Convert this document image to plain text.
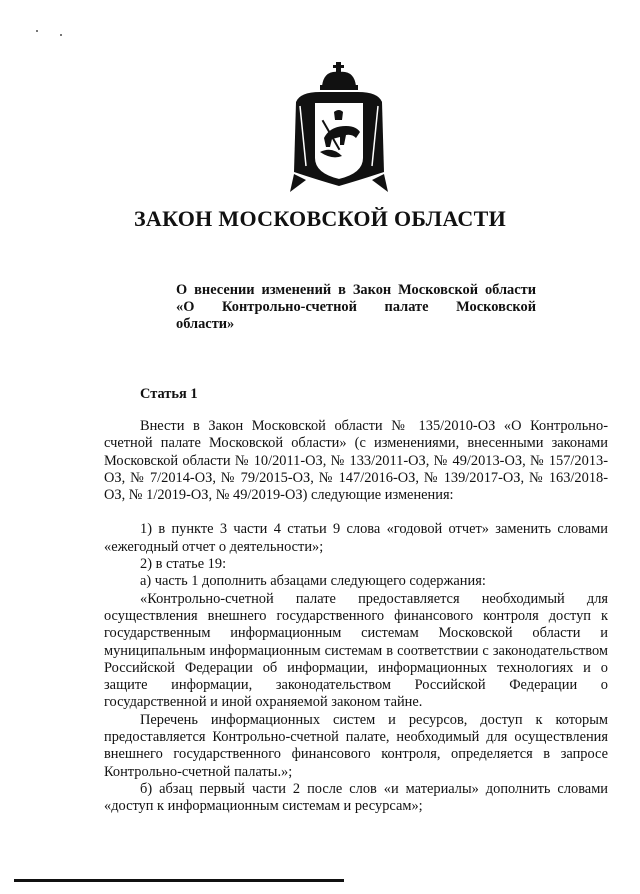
ЗАКОН МОСКОВСКОЙ ОБЛАСТИ
О внесении изменений в Закон Московской области
«О Контрольно-счетной палате Московской
области»
Статья 1

Внести в Закон Московской области № 135/2010-ОЗ «О Контрольно-счетной палате Московской области» (с изменениями, внесенными законами Московской области № 10/2011-ОЗ, № 133/2011-ОЗ, № 49/2013-ОЗ, № 157/2013-ОЗ, № 7/2014-ОЗ, № 79/2015-ОЗ, № 147/2016-ОЗ, № 139/2017-ОЗ, № 163/2018-ОЗ, № 1/2019-ОЗ, № 49/2019-ОЗ) следующие изменения:

1) в пункте 3 части 4 статьи 9 слова «годовой отчет» заменить словами «ежегодный отчет о деятельности»;

2) в статье 19:

а) часть 1 дополнить абзацами следующего содержания:

«Контрольно-счетной палате предоставляется необходимый для осуществления внешнего государственного финансового контроля доступ к государственным информационным системам Московской области и муниципальным информационным системам в соответствии с законодательством Российской Федерации об информации, информационных технологиях и о защите информации, законодательством Российской Федерации о государственной и иной охраняемой законом тайне.

Перечень информационных систем и ресурсов, доступ к которым предоставляется Контрольно-счетной палате, необходимый для осуществления внешнего государственного финансового контроля, определяется в запросе Контрольно-счетной палаты.»;

б) абзац первый части 2 после слов «и материалы» дополнить словами «доступ к информационным системам и ресурсам»;
